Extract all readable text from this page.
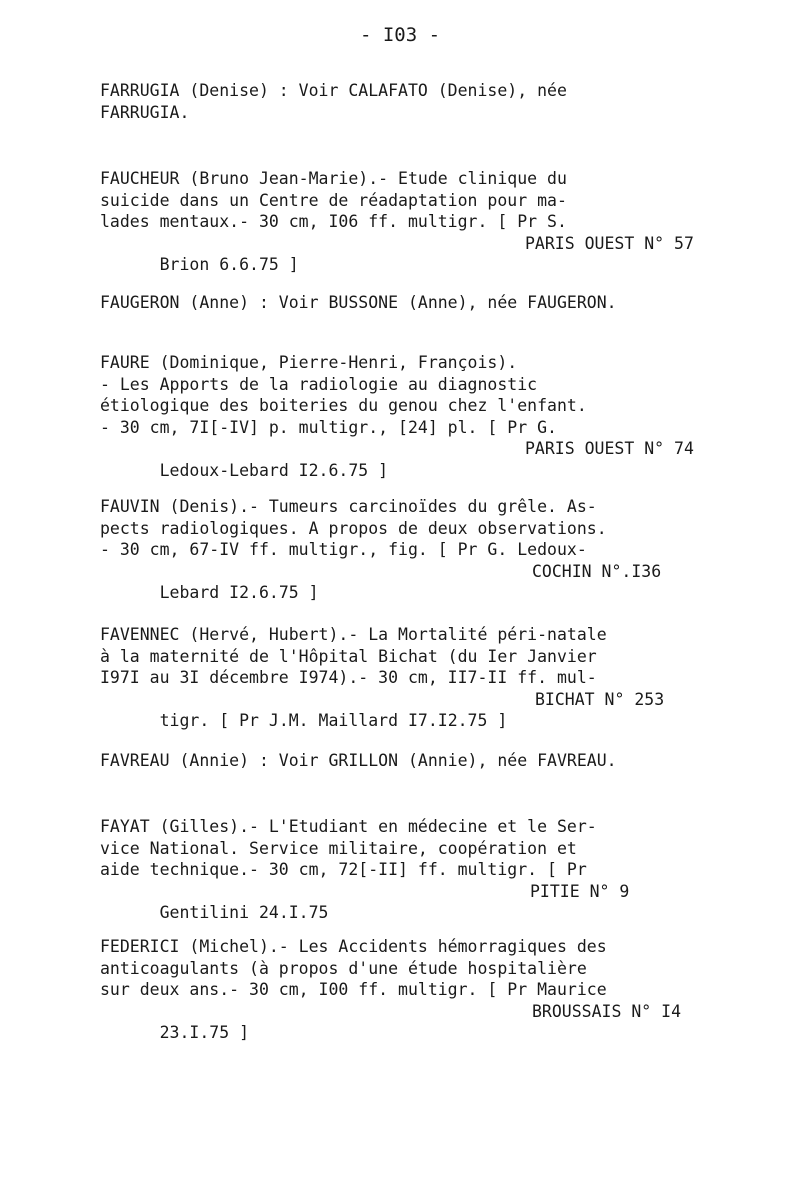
- I03 -
FARRUGIA (Denise) : Voir CALAFATO (Denise), née
FARRUGIA.
FAUCHEUR (Bruno Jean-Marie).- Etude clinique du
suicide dans un Centre de réadaptation pour ma-
lades mentaux.- 30 cm, I06 ff. multigr. [ Pr S.

Brion 6.6.75 ]

PARIS OUEST N° 57

FAUGERON (Anne) : Voir BUSSONE (Anne), née FAUGERON.
FAURE (Dominique, Pierre-Henri, François).
- Les Apports de la radiologie au diagnostic
étiologique des boiteries du genou chez l'enfant.
- 30 cm, 7I[-IV] p. multigr., [24] pl. [ Pr G.

Ledoux-Lebard I2.6.75 ]

PARIS OUEST N° 74

FAUVIN (Denis).- Tumeurs carcinoïdes du grêle. As-
pects radiologiques. A propos de deux observations.
- 30 cm, 67-IV ff. multigr., fig. [ Pr G. Ledoux-

Lebard I2.6.75 ]

COCHIN N°.I36

FAVENNEC (Hervé, Hubert).- La Mortalité péri-natale
à la maternité de l'Hôpital Bichat (du Ier Janvier
I97I au 3I décembre I974).- 30 cm, II7-II ff. mul-

tigr. [ Pr J.M. Maillard I7.I2.75 ]

BICHAT N° 253

FAVREAU (Annie) : Voir GRILLON (Annie), née FAVREAU.
FAYAT (Gilles).- L'Etudiant en médecine et le Ser-
vice National. Service militaire, coopération et
aide technique.- 30 cm, 72[-II] ff. multigr. [ Pr

Gentilini 24.I.75

PITIE N° 9

FEDERICI (Michel).- Les Accidents hémorragiques des
anticoagulants (à propos d'une étude hospitalière
sur deux ans.- 30 cm, I00 ff. multigr. [ Pr Maurice

23.I.75 ]

BROUSSAIS N° I4
